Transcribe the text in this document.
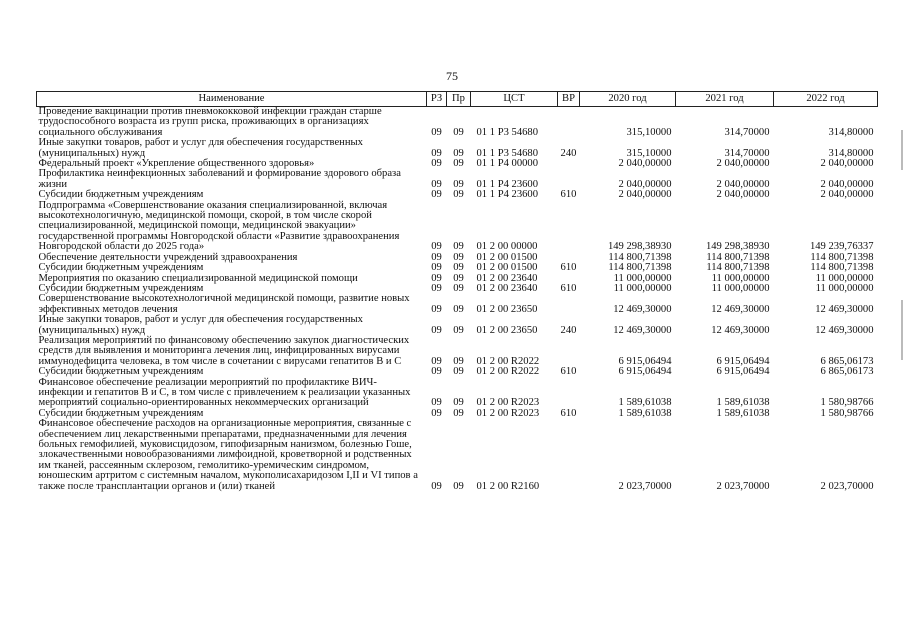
75
Наименование	РЗ	Пр	ЦСТ	ВР	2020 год	2021 год	2022 год
Проведение вакцинации против пневмококковой инфекции граждан старше трудоспособного возраста из групп риска, проживающих в организациях социального обслуживания	09	09	01 1 P3 54680		315,10000	314,70000	314,80000
Иные закупки товаров, работ и услуг для обеспечения государственных (муниципальных) нужд	09	09	01 1 P3 54680	240	315,10000	314,70000	314,80000
Федеральный проект «Укрепление общественного здоровья»	09	09	01 1 P4 00000		2 040,00000	2 040,00000	2 040,00000
Профилактика неинфекционных заболеваний и формирование здорового образа жизни	09	09	01 1 P4 23600		2 040,00000	2 040,00000	2 040,00000
Субсидии бюджетным учреждениям	09	09	01 1 P4 23600	610	2 040,00000	2 040,00000	2 040,00000
Подпрограмма «Совершенствование оказания специализированной, включая высокотехнологичную, медицинской помощи, скорой, в том числе скорой специализированной, медицинской помощи, медицинской эвакуации» государственной программы Новгородской области «Развитие здравоохранения Новгородской области до 2025 года»	09	09	01 2 00 00000		149 298,38930	149 298,38930	149 239,76337
Обеспечение деятельности учреждений здравоохранения	09	09	01 2 00 01500		114 800,71398	114 800,71398	114 800,71398
Субсидии бюджетным учреждениям	09	09	01 2 00 01500	610	114 800,71398	114 800,71398	114 800,71398
Мероприятия по оказанию специализированной медицинской помощи	09	09	01 2 00 23640		11 000,00000	11 000,00000	11 000,00000
Субсидии бюджетным учреждениям	09	09	01 2 00 23640	610	11 000,00000	11 000,00000	11 000,00000
Совершенствование высокотехнологичной медицинской помощи, развитие новых эффективных методов лечения	09	09	01 2 00 23650		12 469,30000	12 469,30000	12 469,30000
Иные закупки товаров, работ и услуг для обеспечения государственных (муниципальных) нужд	09	09	01 2 00 23650	240	12 469,30000	12 469,30000	12 469,30000
Реализация мероприятий по финансовому обеспечению закупок диагностических средств для выявления и мониторинга лечения лиц, инфицированных вирусами иммунодефицита человека, в том числе в сочетании с вирусами гепатитов В и С	09	09	01 2 00 R2022		6 915,06494	6 915,06494	6 865,06173
Субсидии бюджетным учреждениям	09	09	01 2 00 R2022	610	6 915,06494	6 915,06494	6 865,06173
Финансовое обеспечение реализации мероприятий по профилактике ВИЧ-инфекции и гепатитов В и С, в том числе с привлечением к реализации указанных мероприятий социально-ориентированных некоммерческих организаций	09	09	01 2 00 R2023		1 589,61038	1 589,61038	1 580,98766
Субсидии бюджетным учреждениям	09	09	01 2 00 R2023	610	1 589,61038	1 589,61038	1 580,98766
Финансовое обеспечение расходов на организационные мероприятия, связанные с обеспечением лиц лекарственными препаратами, предназначенными для лечения больных гемофилией, муковисцидозом, гипофизарным нанизмом, болезнью Гоше, злокачественными новообразованиями лимфоидной, кроветворной и родственных им тканей, рассеянным склерозом, гемолитико-уремическим синдромом, юношеским артритом с системным началом, мукополисахаридозом I,II и VI типов а также после трансплантации органов и (или) тканей	09	09	01 2 00 R2160		2 023,70000	2 023,70000	2 023,70000
